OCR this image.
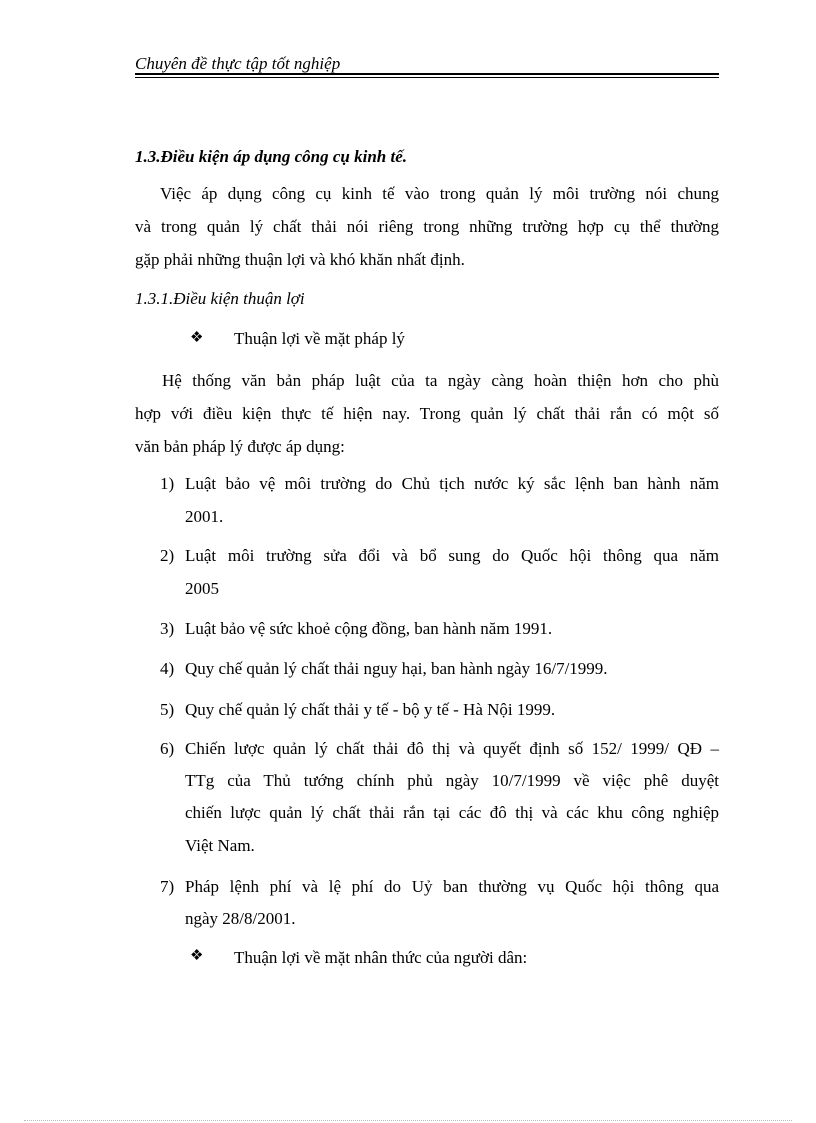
Chuyên đề thực tập tốt nghiệp
1.3.Điều kiện áp dụng công cụ kinh tế.
Việc áp dụng công cụ kinh tế vào trong quản lý môi trường nói chung
và trong quản lý chất thải nói riêng trong những trường hợp cụ thể thường
gặp phải những thuận lợi và khó khăn nhất định.
1.3.1.Điều kiện thuận lợi
❖ Thuận lợi về mặt pháp lý
Hệ thống văn bản pháp luật của ta ngày càng hoàn thiện hơn cho phù
hợp với điều kiện thực tế hiện nay. Trong quản lý chất thải rắn có một số
văn bản pháp lý được áp dụng:
1) Luật bảo vệ môi trường do Chủ tịch nước ký sắc lệnh ban hành năm
2001.
2) Luật môi trường sửa đổi và bổ sung do Quốc hội thông qua năm
2005
3) Luật bảo vệ sức khoẻ cộng đồng, ban hành năm 1991.
4) Quy chế quản lý chất thải nguy hại, ban hành ngày 16/7/1999.
5) Quy chế quản lý chất thải y tế - bộ y tế - Hà Nội 1999.
6) Chiến lược quản lý chất thải đô thị và quyết định số 152/ 1999/ QĐ –
TTg của Thủ tướng chính phủ ngày 10/7/1999 về việc phê duyệt
chiến lược quản lý chất thải rắn tại các đô thị và các khu công nghiệp
Việt Nam.
7) Pháp lệnh phí và lệ phí do Uỷ ban thường vụ Quốc hội thông qua
ngày 28/8/2001.
❖ Thuận lợi về mặt nhân thức của người dân:
